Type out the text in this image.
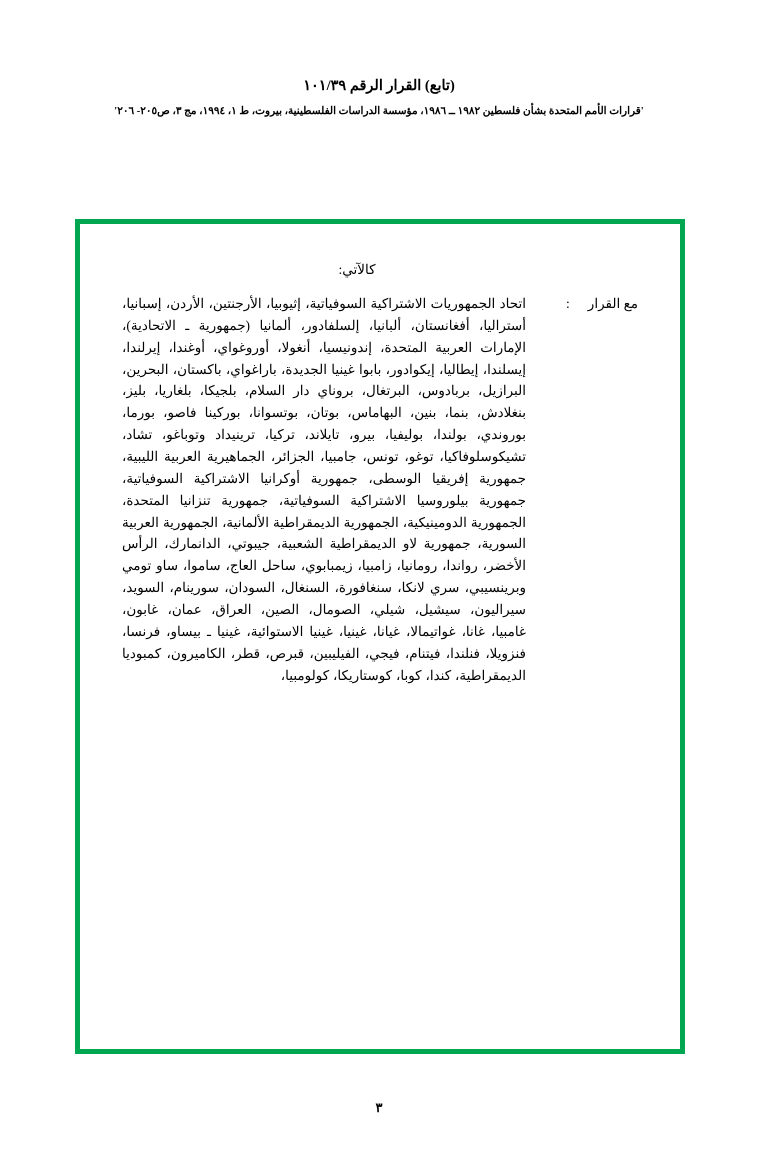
(تابع) القرار الرقم ١٠١/٣٩
'قرارات الأمم المتحدة بشأن فلسطين ١٩٨٢ ــ ١٩٨٦، مؤسسة الدراسات الفلسطينية، بيروت، ط ١، ١٩٩٤، مج ٣، ص٢٠٥- ٢٠٦'
كالآتي:
مع القرار:
اتحاد الجمهوريات الاشتراكية السوفياتية، إثيوبيا، الأرجنتين، الأردن، إسبانيا، أستراليا، أفغانستان، ألبانيا، إلسلفادور، ألمانيا (جمهورية ـ الاتحادية)، الإمارات العربية المتحدة، إندونيسيا، أنغولا، أوروغواي، أوغندا، إيرلندا، إيسلندا، إيطاليا، إيكوادور، بابوا غينيا الجديدة، باراغواي، باكستان، البحرين، البرازيل، بربادوس، البرتغال، بروناي دار السلام، بلجيكا، بلغاريا، بليز، بنغلادش، بنما، بنين، البهاماس، بوتان، بوتسوانا، بوركينا فاصو، بورما، بوروندي، بولندا، بوليفيا، بيرو، تايلاند، تركيا، ترينيداد وتوباغو، تشاد، تشيكوسلوفاكيا، توغو، تونس، جامبيا، الجزائر، الجماهيرية العربية الليبية، جمهورية إفريقيا الوسطى، جمهورية أوكرانيا الاشتراكية السوفياتية، جمهورية بيلوروسيا الاشتراكية السوفياتية، جمهورية تنزانيا المتحدة، الجمهورية الدومينيكية، الجمهورية الديمقراطية الألمانية، الجمهورية العربية السورية، جمهورية لاو الديمقراطية الشعبية، جيبوتي، الدانمارك، الرأس الأخضر، رواندا، رومانيا، زامبيا، زيمبابوي، ساحل العاج، ساموا، ساو تومي وبرينسيبي، سري لانكا، سنغافورة، السنغال، السودان، سورينام، السويد، سيراليون، سيشيل، شيلي، الصومال، الصين، العراق، عمان، غابون، غامبيا، غانا، غواتيمالا، غيانا، غينيا، غينيا الاستوائية، غينيا ـ بيساو، فرنسا، فنزويلا، فنلندا، فيتنام، فيجي، الفيليبين، قبرص، قطر، الكاميرون، كمبوديا الديمقراطية، كندا، كوبا، كوستاريكا، كولومبيا،
٣
